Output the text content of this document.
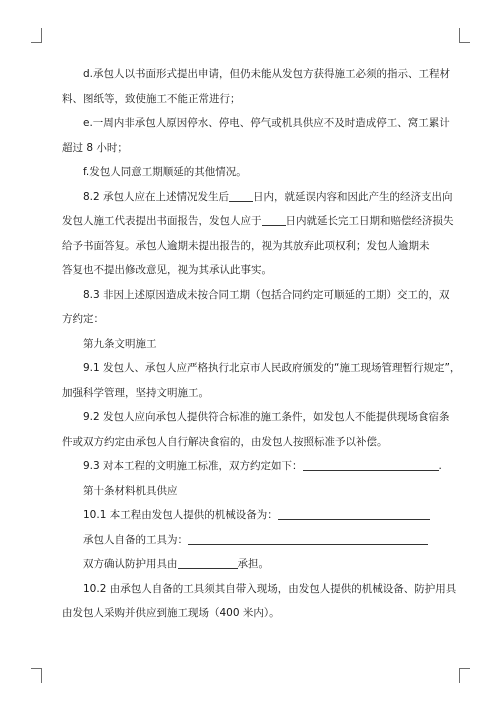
d.承包人以书面形式提出申请，但仍未能从发包方获得施工必须的指示、工程材

料、图纸等，致使施工不能正常进行；

e.一周内非承包人原因停水、停电、停气或机具供应不及时造成停工、窝工累计

超过 8 小时；

f.发包人同意工期顺延的其他情况。

8.2 承包人应在上述情况发生后 日内，就延误内容和因此产生的经济支出向

发包人施工代表提出书面报告，发包人应于 日内就延长完工日期和赔偿经济损失

给予书面答复。承包人逾期未提出报告的，视为其放弃此项权利；发包人逾期未

答复也不提出修改意见，视为其承认此事实。

8.3 非因上述原因造成未按合同工期（包括合同约定可顺延的工期）交工的，双

方约定：

第九条文明施工

9.1 发包人、承包人应严格执行北京市人民政府颁发的“施工现场管理暂行规定”，

加强科学管理，坚持文明施工。

9.2 发包人应向承包人提供符合标准的施工条件，如发包人不能提供现场食宿条

件或双方约定由承包人自行解决食宿的，由发包人按照标准予以补偿。

9.3 对本工程的文明施工标准，双方约定如下：	.

第十条材料机具供应

10.1 本工程由发包人提供的机械设备为：

承包人自备的工具为：

双方确认防护用具由	承担。

10.2 由承包人自备的工具须其自带入现场，由发包人提供的机械设备、防护用具

由发包人采购并供应到施工现场（400 米内）。
